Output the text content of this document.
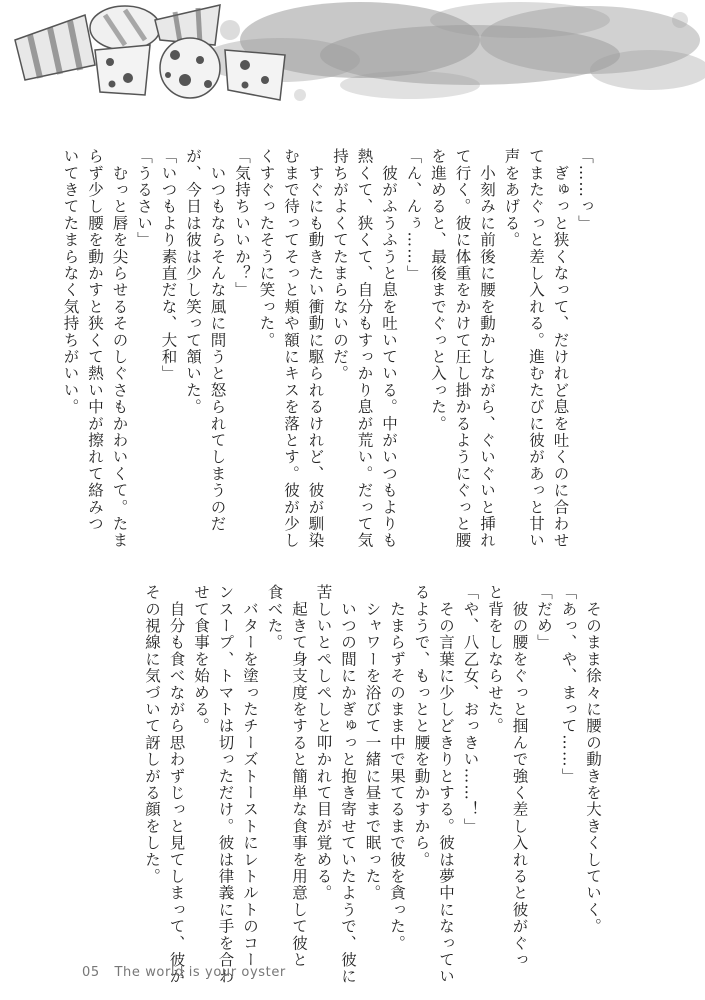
「……っ」
　ぎゅっと狭くなって、だけれど息を吐くのに合わせ
てまたぐっと差し入れる。進むたびに彼があっと甘い
声をあげる。
　小刻みに前後に腰を動かしながら、ぐいぐいと挿れ
て行く。彼に体重をかけて圧し掛かるようにぐっと腰
を進めると、最後までぐっと入った。
「ん、んぅ……」
　彼がふうふうと息を吐いている。中がいつもよりも
熱くて、狭くて、自分もすっかり息が荒い。だって気
持ちがよくてたまらないのだ。
　すぐにも動きたい衝動に駆られるけれど、彼が馴染
むまで待ってそっと頬や額にキスを落とす。彼が少し
くすぐったそうに笑った。
「気持ちいいか？」
　いつもならそんな風に問うと怒られてしまうのだ
が、今日は彼は少し笑って頷いた。
「いつもより素直だな、大和」
「うるさい」
　むっと唇を尖らせるそのしぐさもかわいくて。たま
らず少し腰を動かすと狭くて熱い中が擦れて絡みつ
いてきてたまらなく気持ちがいい。
　そのまま徐々に腰の動きを大きくしていく。
「あっ、や、まって……」
「だめ」
　彼の腰をぐっと掴んで強く差し入れると彼がぐっ
と背をしならせた。
「や、八乙女、おっきい……！」
　その言葉に少しどきりとする。彼は夢中になってい
るようで、もっとと腰を動かすから。
　たまらずそのまま中で果てるまで彼を貪った。
　シャワーを浴びて一緒に昼まで眠った。
　いつの間にかぎゅっと抱き寄せていたようで、彼に
苦しいとぺしぺしと叩かれて目が覚める。
　起きて身支度をすると簡単な食事を用意して彼と
食べた。
　バターを塗ったチーズトーストにレトルトのコー
ンスープ、トマトは切っただけ。彼は律義に手を合わ
せて食事を始める。
　自分も食べながら思わずじっと見てしまって、彼が
その視線に気づいて訝しがる顔をした。
05 The world is your oyster
